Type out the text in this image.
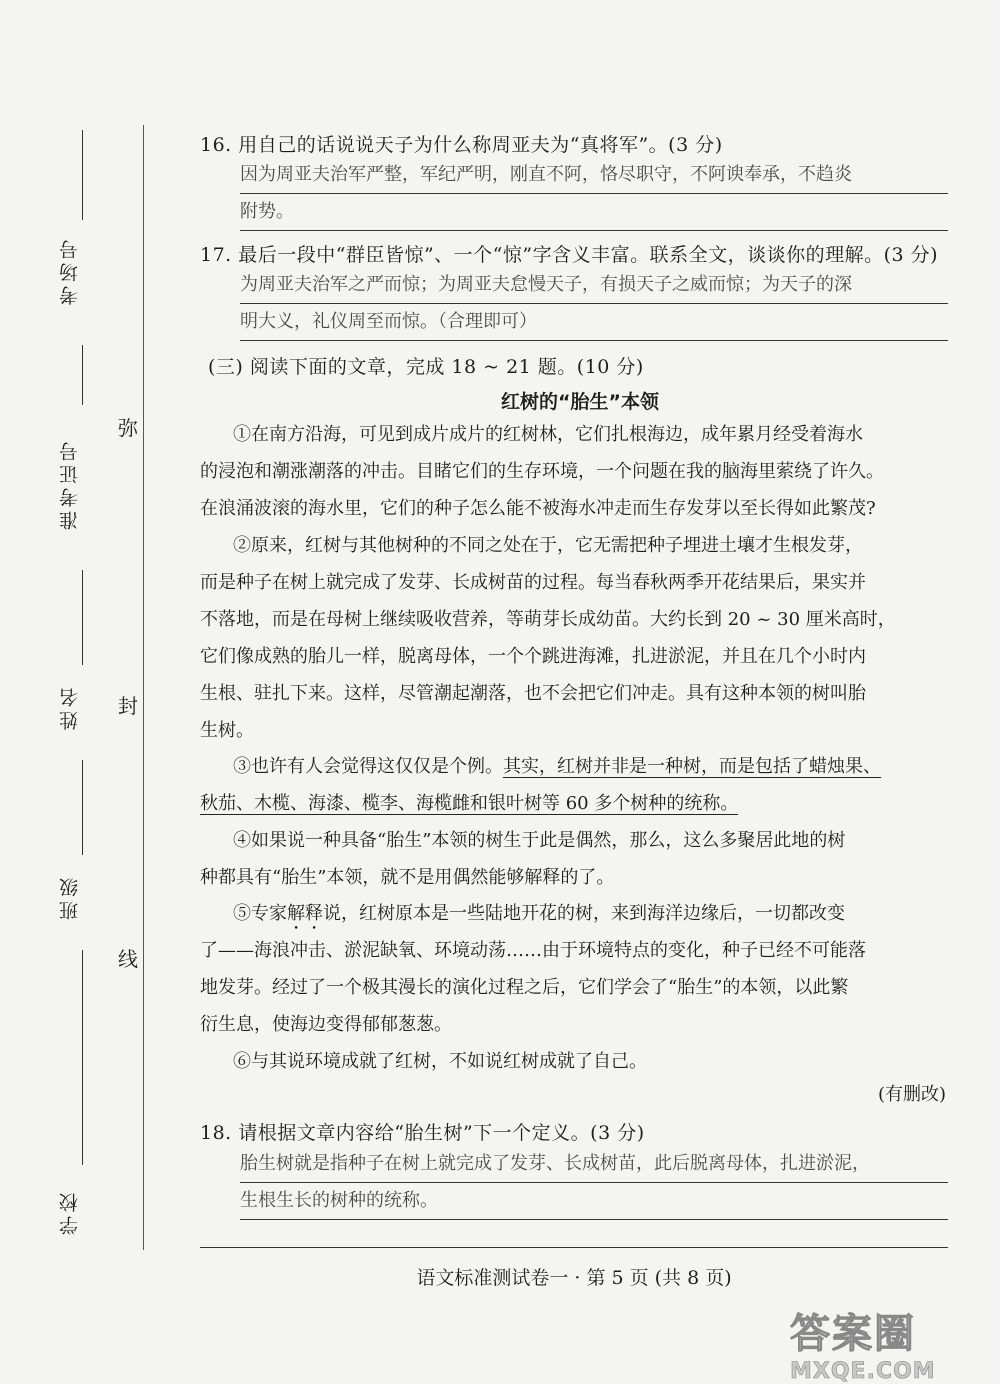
考场号
准考证号
姓名
班级
学校
弥
封
线
16. 用自己的话说说天子为什么称周亚夫为“真将军”。(3 分)
因为周亚夫治军严整，军纪严明，刚直不阿，恪尽职守，不阿谀奉承，不趋炎
附势。
17. 最后一段中“群臣皆惊”、一个“惊”字含义丰富。联系全文，谈谈你的理解。(3 分)
为周亚夫治军之严而惊；为周亚夫怠慢天子，有损天子之威而惊；为天子的深
明大义，礼仪周至而惊。（合理即可）
(三) 阅读下面的文章，完成 18 ~ 21 题。(10 分)
红树的“胎生”本领
①在南方沿海，可见到成片成片的红树林，它们扎根海边，成年累月经受着海水
的浸泡和潮涨潮落的冲击。目睹它们的生存环境，一个问题在我的脑海里萦绕了许久。
在浪涌波滚的海水里，它们的种子怎么能不被海水冲走而生存发芽以至长得如此繁茂?
②原来，红树与其他树种的不同之处在于，它无需把种子埋进土壤才生根发芽，
而是种子在树上就完成了发芽、长成树苗的过程。每当春秋两季开花结果后，果实并
不落地，而是在母树上继续吸收营养，等萌芽长成幼苗。大约长到 20 ~ 30 厘米高时，
它们像成熟的胎儿一样，脱离母体，一个个跳进海滩，扎进淤泥，并且在几个小时内
生根、驻扎下来。这样，尽管潮起潮落，也不会把它们冲走。具有这种本领的树叫胎
生树。
③也许有人会觉得这仅仅是个例。其实，红树并非是一种树，而是包括了蜡烛果、
秋茄、木榄、海漆、榄李、海榄雌和银叶树等 60 多个树种的统称。
④如果说一种具备“胎生”本领的树生于此是偶然，那么，这么多聚居此地的树
种都具有“胎生”本领，就不是用偶然能够解释的了。
⑤专家解释说，红树原本是一些陆地开花的树，来到海洋边缘后，一切都改变
了——海浪冲击、淤泥缺氧、环境动荡……由于环境特点的变化，种子已经不可能落
地发芽。经过了一个极其漫长的演化过程之后，它们学会了“胎生”的本领，以此繁
衍生息，使海边变得郁郁葱葱。
⑥与其说环境成就了红树，不如说红树成就了自己。
(有删改)
18. 请根据文章内容给“胎生树”下一个定义。(3 分)
胎生树就是指种子在树上就完成了发芽、长成树苗，此后脱离母体，扎进淤泥，
生根生长的树种的统称。
语文标准测试卷一 · 第 5 页 (共 8 页)
答案圈
MXQE.COM
